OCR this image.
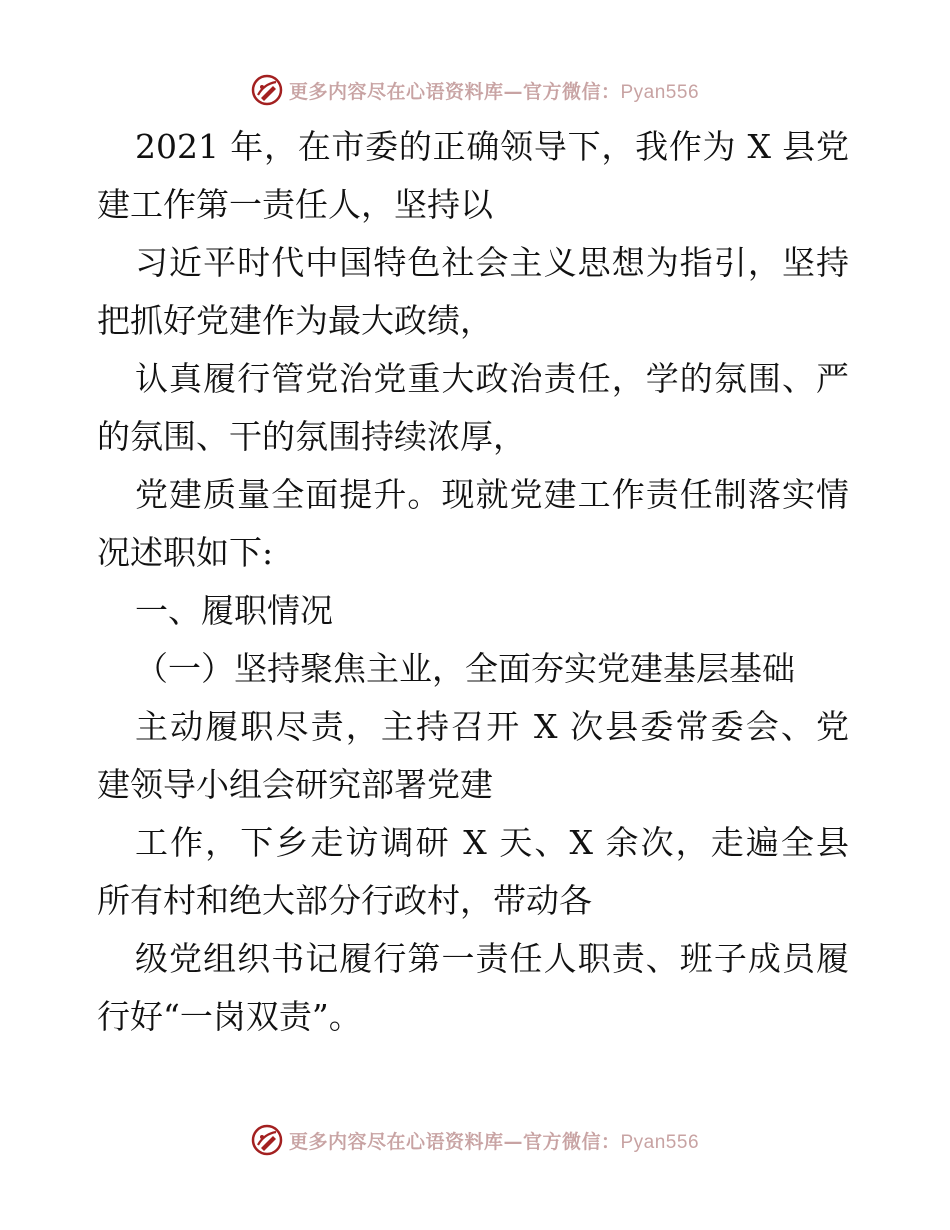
更多内容尽在心语资料库—官方微信：Pyan556
2021 年，在市委的正确领导下，我作为 X 县党
建工作第一责任人，坚持以
习近平时代中国特色社会主义思想为指引，坚持
把抓好党建作为最大政绩，
认真履行管党治党重大政治责任，学的氛围、严
的氛围、干的氛围持续浓厚，
党建质量全面提升。现就党建工作责任制落实情
况述职如下:
一、履职情况
（一）坚持聚焦主业，全面夯实党建基层基础
主动履职尽责，主持召开 X 次县委常委会、党
建领导小组会研究部署党建
工作，下乡走访调研 X 天、X 余次，走遍全县
所有村和绝大部分行政村，带动各
级党组织书记履行第一责任人职责、班子成员履
行好“一岗双责”。
更多内容尽在心语资料库—官方微信：Pyan556
